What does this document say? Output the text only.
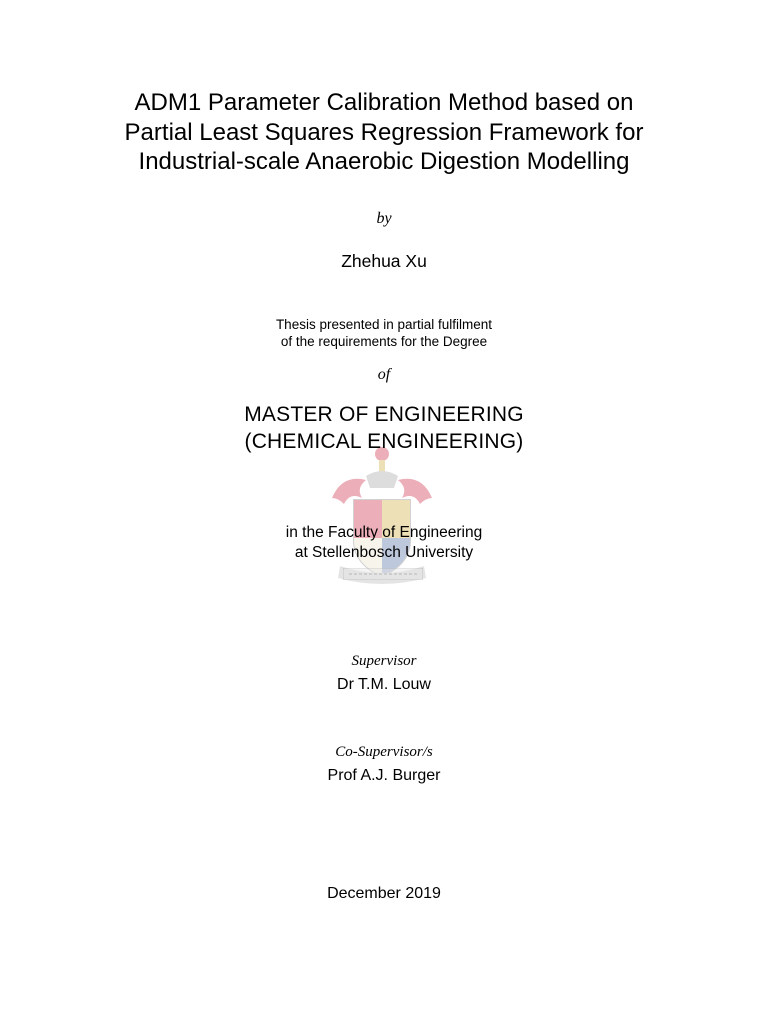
ADM1 Parameter Calibration Method based on
Partial Least Squares Regression Framework for
Industrial-scale Anaerobic Digestion Modelling
by
Zhehua Xu
Thesis presented in partial fulfilment
of the requirements for the Degree
of
MASTER OF ENGINEERING
(CHEMICAL ENGINEERING)
in the Faculty of Engineering
at Stellenbosch University
Supervisor
Dr T.M. Louw
Co-Supervisor/s
Prof A.J. Burger
December 2019
